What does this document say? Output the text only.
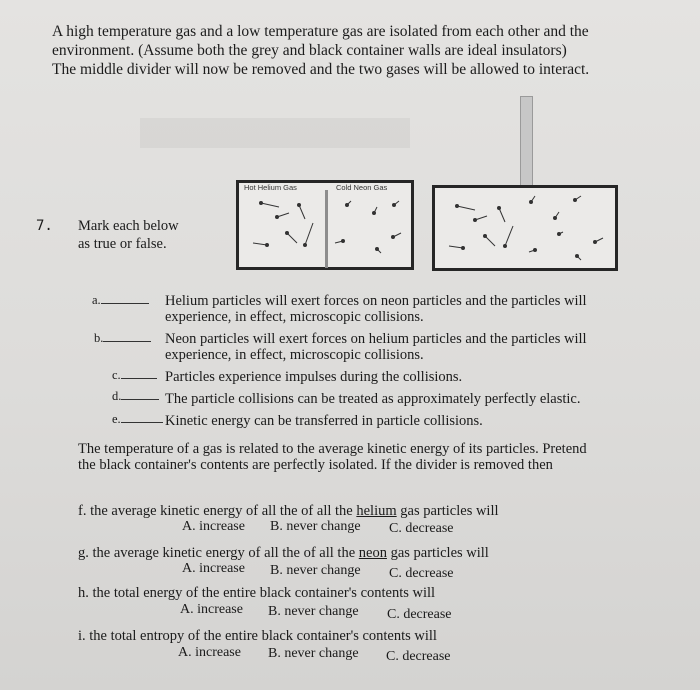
A high temperature gas and a low temperature gas are isolated from each other and the
environment. (Assume both the grey and black container walls are ideal insulators)
The middle divider will now be removed and the two gases will be allowed to interact.
Hot Helium Gas	Cold Neon Gas
7. Mark each below
as true or false.
a.	Helium particles will exert forces on neon particles and the particles will
experience, in effect, microscopic collisions.
b.	Neon particles will exert forces on helium particles and the particles will
experience, in effect, microscopic collisions.
c.	Particles experience impulses during the collisions.
d.	The particle collisions can be treated as approximately perfectly elastic.
e.	Kinetic energy can be transferred in particle collisions.
The temperature of a gas is related to the average kinetic energy of its particles. Pretend
the black container's contents are perfectly isolated. If the divider is removed then
f. the average kinetic energy of all the of all the helium gas particles will
A. increase B. never change C. decrease
g. the average kinetic energy of all the of all the neon gas particles will
A. increase B. never change C. decrease
h. the total energy of the entire black container's contents will
A. increase B. never change C. decrease
i. the total entropy of the entire black container's contents will
A. increase B. never change C. decrease
